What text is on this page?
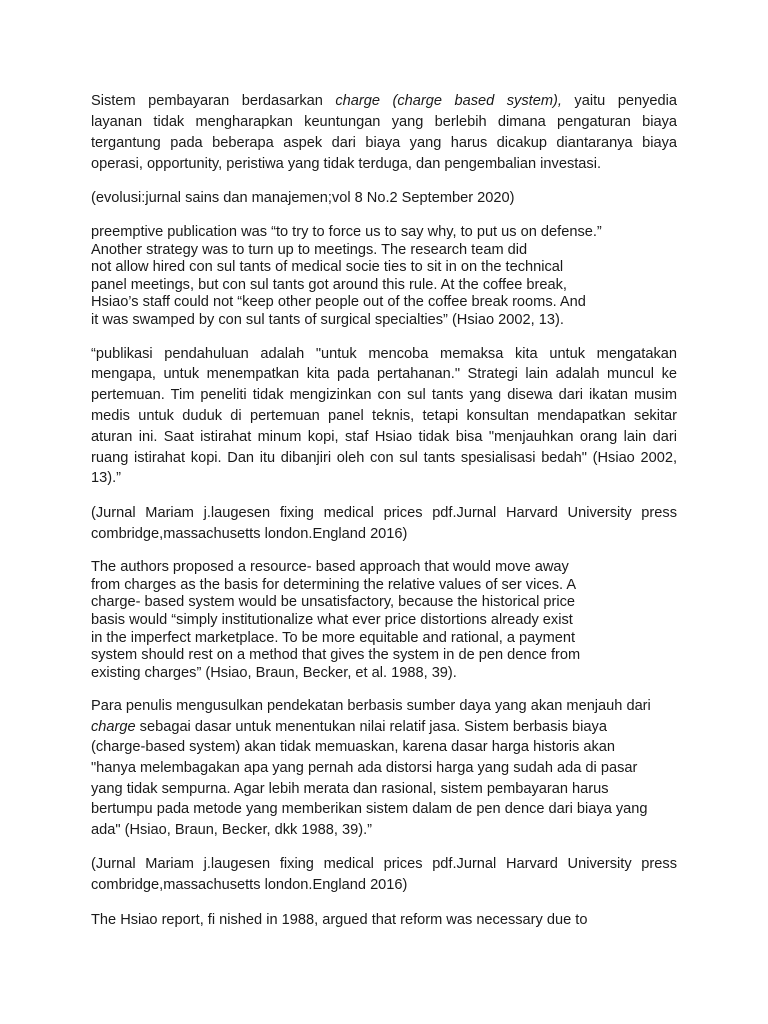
Sistem pembayaran berdasarkan charge (charge based system), yaitu penyedia
layanan tidak mengharapkan keuntungan yang berlebih dimana pengaturan biaya
tergantung pada beberapa aspek dari biaya yang harus dicakup diantaranya biaya
operasi, opportunity, peristiwa yang tidak terduga, dan pengembalian investasi.
(evolusi:jurnal sains dan manajemen;vol 8 No.2 September 2020)
preemptive publication was “to try to force us to say why, to put us on defense.”
Another strategy was to turn up to meetings. The research team did
not allow hired con sul tants of medical socie ties to sit in on the technical
panel meetings, but con sul tants got around this rule. At the coffee break,
Hsiao’s staff could not “keep other people out of the coffee break rooms. And
it was swamped by con sul tants of surgical specialties” (Hsiao 2002, 13).
“publikasi pendahuluan adalah "untuk mencoba memaksa kita untuk mengatakan
mengapa, untuk menempatkan kita pada pertahanan." Strategi lain adalah muncul ke
pertemuan. Tim peneliti tidak mengizinkan con sul tants yang disewa dari ikatan musim
medis untuk duduk di pertemuan panel teknis, tetapi konsultan mendapatkan sekitar
aturan ini. Saat istirahat minum kopi, staf Hsiao tidak bisa "menjauhkan orang lain dari
ruang istirahat kopi. Dan itu dibanjiri oleh con sul tants spesialisasi bedah" (Hsiao 2002,
13).”
(Jurnal Mariam j.laugesen fixing medical prices pdf.Jurnal Harvard University press
combridge,massachusetts london.England 2016)
The authors proposed a resource- based approach that would move away
from charges as the basis for determining the relative values of ser vices. A
charge- based system would be unsatisfactory, because the historical price
basis would “simply institutionalize what ever price distortions already exist
in the imperfect marketplace. To be more equitable and rational, a payment
system should rest on a method that gives the system in de pen dence from
existing charges” (Hsiao, Braun, Becker, et al. 1988, 39).
Para penulis mengusulkan pendekatan berbasis sumber daya yang akan menjauh dari
charge sebagai dasar untuk menentukan nilai relatif jasa. Sistem berbasis biaya
(charge-based system) akan tidak memuaskan, karena dasar harga historis akan
"hanya melembagakan apa yang pernah ada distorsi harga yang sudah ada di pasar
yang tidak sempurna. Agar lebih merata dan rasional, sistem pembayaran harus
bertumpu pada metode yang memberikan sistem dalam de pen dence dari biaya yang
ada" (Hsiao, Braun, Becker, dkk 1988, 39).”
(Jurnal Mariam j.laugesen fixing medical prices pdf.Jurnal Harvard University press
combridge,massachusetts london.England 2016)
The Hsiao report, fi nished in 1988, argued that reform was necessary due to
